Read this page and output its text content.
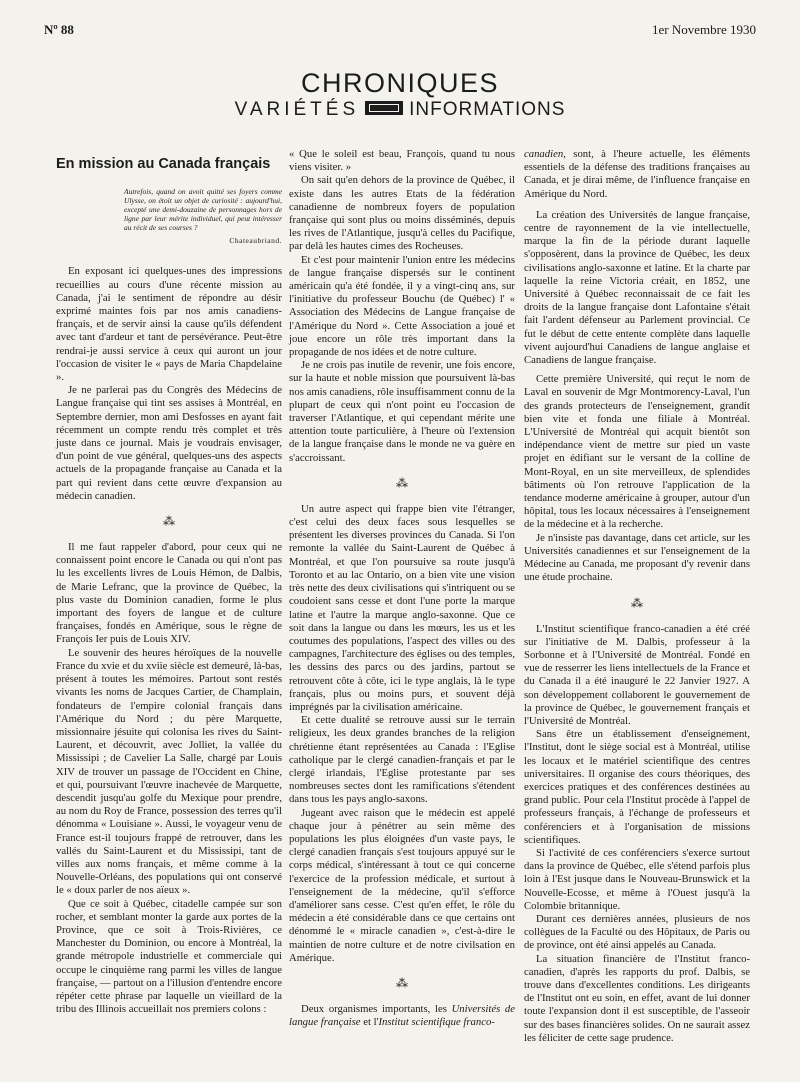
Nº 88	1er Novembre 1930
CHRONIQUES
VARIÉTÉS	INFORMATIONS
En mission au Canada français
Autrefois, quand on avoit quitté ses foyers comme Ulysse, on étoit un objet de curiosité : aujourd'hui, excepté une demi-douzaine de personnages hors de ligne par leur mérite individuel, qui peut intéresser au récit de ses courses ?
Chateaubriand.

En exposant ici quelques-unes des impressions recueillies au cours d'une récente mission au Canada, j'ai le sentiment de répondre au désir exprimé maintes fois par nos amis canadiens-français, et de servir ainsi la cause qu'ils défendent avec tant d'ardeur et tant de persévérance. Peut-être rendrai-je aussi service à ceux qui auront un jour l'occasion de visiter le « pays de Maria Chapdelaine ».

Je ne parlerai pas du Congrès des Médecins de Langue française qui tint ses assises à Montréal, en Septembre dernier, mon ami Desfosses en ayant fait récemment un compte rendu très complet et très juste dans ce journal. Mais je voudrais envisager, d'un point de vue général, quelques-uns des aspects actuels de la propagande française au Canada et la part qui revient dans cette œuvre d'expansion au médecin canadien.

⁂

Il me faut rappeler d'abord, pour ceux qui ne connaissent point encore le Canada ou qui n'ont pas lu les excellents livres de Louis Hémon, de Dalbis, de Marie Lefranc, que la province de Québec, la plus vaste du Dominion canadien, forme le plus important des foyers de langue et de culture françaises, fondés en Amérique, sous le règne de François Ier puis de Louis XIV.

Le souvenir des heures héroïques de la nouvelle France du xvie et du xviie siècle est demeuré, là-bas, présent à toutes les mémoires. Partout sont restés vivants les noms de Jacques Cartier, de Champlain, fondateurs de l'empire colonial français dans l'Amérique du Nord ; du père Marquette, missionnaire jésuite qui colonisa les rives du Saint-Laurent, et découvrit, avec Jolliet, la vallée du Mississipi ; de Cavelier La Salle, chargé par Louis XIV de trouver un passage de l'Occident en Chine, et qui, poursuivant l'œuvre inachevée de Marquette, descendit jusqu'au golfe du Mexique pour prendre, au nom du Roy de France, possession des terres qu'il dénomma « Louisiane ». Aussi, le voyageur venu de France est-il toujours frappé de retrouver, dans les vallés du Saint-Laurent et du Mississipi, tant de villes aux noms français, et même comme à la Nouvelle-Orléans, des populations qui ont conservé le « doux parler de nos aïeux ».

Que ce soit à Québec, citadelle campée sur son rocher, et semblant monter la garde aux portes de la Province, que ce soit à Trois-Rivières, ce Manchester du Dominion, ou encore à Montréal, la grande métropole industrielle et commerciale qui occupe le cinquième rang parmi les villes de langue française, — partout on a l'illusion d'entendre encore répéter cette phrase par laquelle un vieillard de la tribu des Illinois accueillait nos premiers colons :

« Que le soleil est beau, François, quand tu nous viens visiter. »

On sait qu'en dehors de la province de Québec, il existe dans les autres Etats de la fédération canadienne de nombreux foyers de population française qui sont plus ou moins disséminés, depuis les rives de l'Atlantique, jusqu'à celles du Pacifique, par delà les hautes cimes des Rocheuses.

Et c'est pour maintenir l'union entre les médecins de langue française dispersés sur le continent américain qu'a été fondée, il y a vingt-cinq ans, sur l'initiative du professeur Bouchu (de Québec) l' « Association des Médecins de Langue française de l'Amérique du Nord ». Cette Association a joué et joue encore un rôle très important dans la propagande de nos idées et de notre culture.

Je ne crois pas inutile de revenir, une fois encore, sur la haute et noble mission que poursuivent là-bas nos amis canadiens, rôle insuffisamment connu de la plupart de ceux qui n'ont point eu l'occasion de traverser l'Atlantique, et qui cependant mérite une attention toute particulière, à l'heure où l'extension de la langue française dans le monde ne va guère en s'accroissant.

⁂

Un autre aspect qui frappe bien vite l'étranger, c'est celui des deux faces sous lesquelles se présentent les diverses provinces du Canada. Si l'on remonte la vallée du Saint-Laurent de Québec à Montréal, et que l'on poursuive sa route jusqu'à Toronto et au lac Ontario, on a bien vite une vision très nette des deux civilisations qui s'intriquent ou se coudoient sans cesse et dont l'une porte la marque latine et l'autre la marque anglo-saxonne. Que ce soit dans la langue ou dans les mœurs, les us et les coutumes des populations, l'aspect des villes ou des campagnes, l'architecture des églises ou des temples, les dessins des parcs ou des jardins, partout se retrouvent côte à côte, ici le type anglais, là le type français, plus ou moins purs, et souvent déjà imprégnés par la civilisation américaine.

Et cette dualité se retrouve aussi sur le terrain religieux, les deux grandes branches de la religion chrétienne étant représentées au Canada : l'Eglise catholique par le clergé canadien-français et par le clergé irlandais, l'Eglise protestante par ses nombreuses sectes dont les ramifications s'étendent dans tous les pays anglo-saxons.

Jugeant avec raison que le médecin est appelé chaque jour à pénétrer au sein même des populations les plus éloignées d'un vaste pays, le clergé canadien français s'est toujours appuyé sur le corps médical, s'intéressant à tout ce qui concerne l'exercice de la profession médicale, et surtout à l'enseignement de la médecine, qu'il s'efforce d'améliorer sans cesse. C'est qu'en effet, le rôle du médecin a été considérable dans ce que certains ont dénommé le « miracle canadien », c'est-à-dire le maintien de notre culture et de notre civilsation en Amérique.

⁂

Deux organismes importants, les Universités de langue française et l'Institut scientifique franco-

canadien, sont, à l'heure actuelle, les éléments essentiels de la défense des traditions françaises au Canada, et je dirai même, de l'influence française en Amérique du Nord.

La création des Universités de langue française, centre de rayonnement de la vie intellectuelle, marque la fin de la période durant laquelle s'opposèrent, dans la province de Québec, les deux civilisations anglo-saxonne et latine. Et la charte par laquelle la reine Victoria créait, en 1852, une Université à Québec reconnaissait de ce fait les droits de la langue française dont Lafontaine s'était fait l'ardent défenseur au Parlement provincial. Ce fut le début de cette entente complète dans laquelle vivent aujourd'hui Canadiens de langue anglaise et Canadiens de langue française.

Cette première Université, qui reçut le nom de Laval en souvenir de Mgr Montmorency-Laval, l'un des grands protecteurs de l'enseignement, grandit bien vite et fonda une filiale à Montréal. L'Université de Montréal qui acquit bientôt son indépendance vient de mettre sur pied un vaste projet en édifiant sur le versant de la colline de Mont-Royal, en un site merveilleux, de splendides bâtiments où l'on retrouve l'application de la tendance moderne américaine à grouper, autour d'un hôpital, tous les locaux nécessaires à l'enseignement de la médecine et à la recherche.

Je n'insiste pas davantage, dans cet article, sur les Universités canadiennes et sur l'enseignement de la Médecine au Canada, me proposant d'y revenir dans une étude prochaine.

⁂

L'Institut scientifique franco-canadien a été créé sur l'initiative de M. Dalbis, professeur à la Sorbonne et à l'Université de Montréal. Fondé en vue de resserrer les liens intellectuels de la France et du Canada il a été inauguré le 22 Janvier 1927. A son développement collaborent le gouvernement de la province de Québec, le gouvernement français et l'Université de Montréal.

Sans être un établissement d'enseignement, l'Institut, dont le siège social est à Montréal, utilise les locaux et le matériel scientifique des centres universitaires. Il organise des cours théoriques, des exercices pratiques et des conférences destinées au grand public. Pour cela l'Institut procède à l'appel de professeurs français, à l'échange de professeurs et conférenciers et à l'organisation de missions scientifiques.

Si l'activité de ces conférenciers s'exerce surtout dans la province de Québec, elle s'étend parfois plus loin à l'Est jusque dans le Nouveau-Brunswick et la Nouvelle-Ecosse, et même à l'Ouest jusqu'à la Colombie britannique.

Durant ces dernières années, plusieurs de nos collègues de la Faculté ou des Hôpitaux, de Paris ou de province, ont été ainsi appelés au Canada.

La situation financière de l'Institut franco-canadien, d'après les rapports du prof. Dalbis, se trouve dans d'excellentes conditions. Les dirigeants de l'Institut ont eu soin, en effet, avant de lui donner toute l'expansion dont il est susceptible, de l'asseoir sur des bases financières solides. On ne saurait assez les féliciter de cette sage prudence.
